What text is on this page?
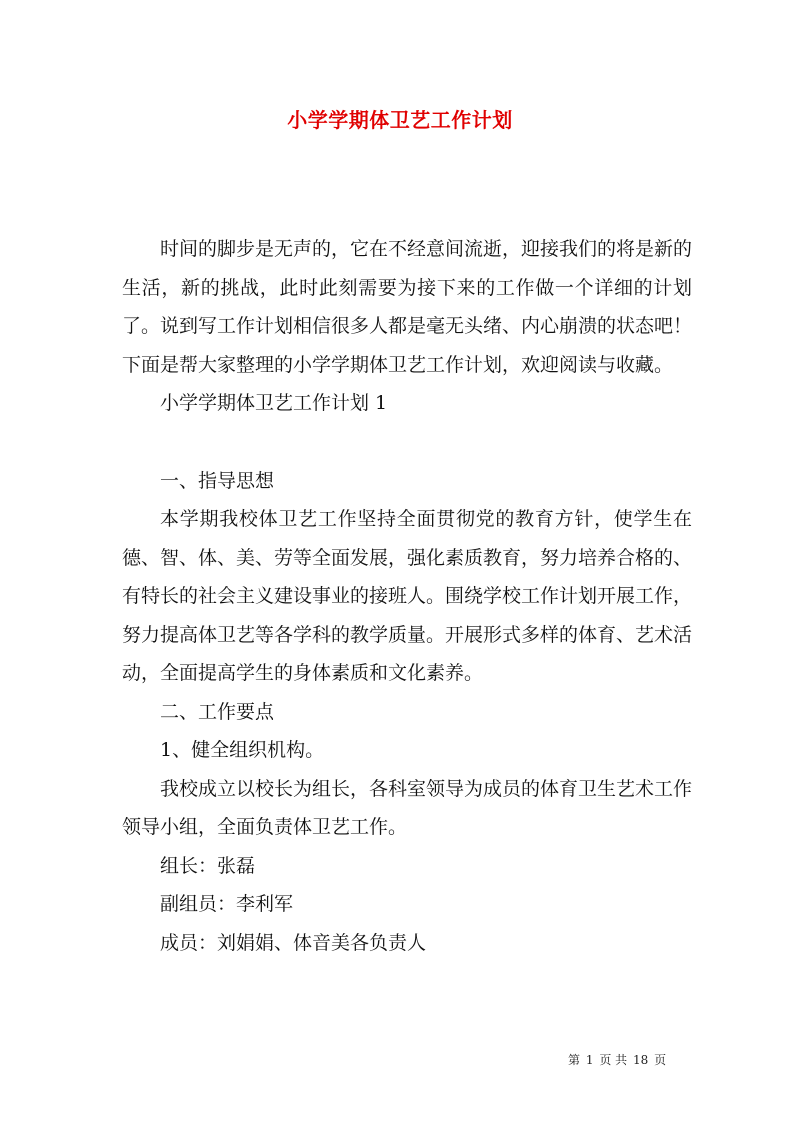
小学学期体卫艺工作计划

时间的脚步是无声的，它在不经意间流逝，迎接我们的将是新的生活，新的挑战，此时此刻需要为接下来的工作做一个详细的计划了。说到写工作计划相信很多人都是毫无头绪、内心崩溃的状态吧！下面是帮大家整理的小学学期体卫艺工作计划，欢迎阅读与收藏。

小学学期体卫艺工作计划 1

一、指导思想

本学期我校体卫艺工作坚持全面贯彻党的教育方针，使学生在德、智、体、美、劳等全面发展，强化素质教育，努力培养合格的、有特长的社会主义建设事业的接班人。围绕学校工作计划开展工作，努力提高体卫艺等各学科的教学质量。开展形式多样的体育、艺术活动，全面提高学生的身体素质和文化素养。

二、工作要点

1、健全组织机构。

我校成立以校长为组长，各科室领导为成员的体育卫生艺术工作领导小组，全面负责体卫艺工作。

组长：张磊

副组员：李利军

成员：刘娟娟、体音美各负责人

第 1 页 共 18 页
